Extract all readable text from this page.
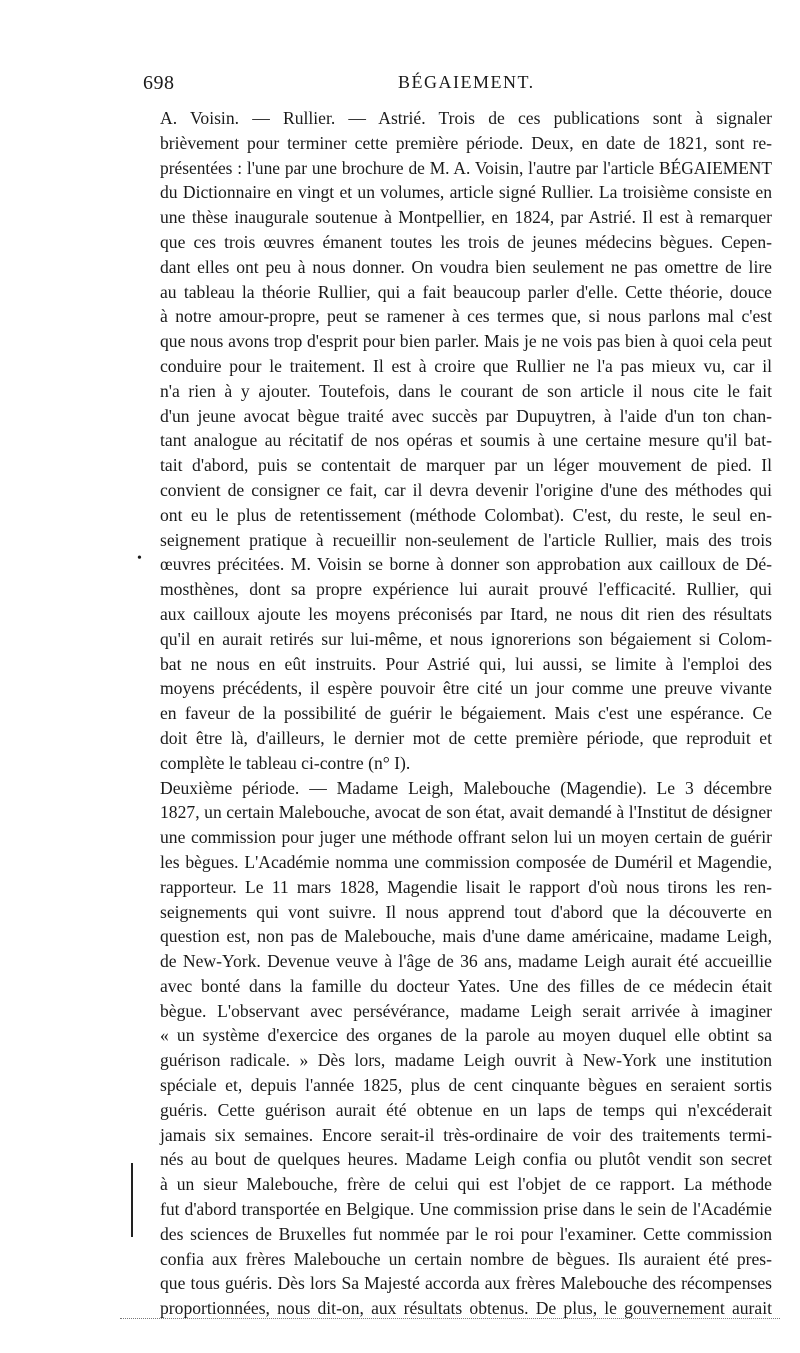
698	BÉGAIEMENT.
•
A. Voisin. — Rullier. — Astrié. Trois de ces publications sont à signaler
brièvement pour terminer cette première période. Deux, en date de 1821, sont re-
présentées : l'une par une brochure de M. A. Voisin, l'autre par l'article BÉGAIEMENT
du Dictionnaire en vingt et un volumes, article signé Rullier. La troisième consiste en
une thèse inaugurale soutenue à Montpellier, en 1824, par Astrié. Il est à remarquer
que ces trois œuvres émanent toutes les trois de jeunes médecins bègues. Cepen-
dant elles ont peu à nous donner. On voudra bien seulement ne pas omettre de lire
au tableau la théorie Rullier, qui a fait beaucoup parler d'elle. Cette théorie, douce
à notre amour-propre, peut se ramener à ces termes que, si nous parlons mal c'est
que nous avons trop d'esprit pour bien parler. Mais je ne vois pas bien à quoi cela peut
conduire pour le traitement. Il est à croire que Rullier ne l'a pas mieux vu, car il
n'a rien à y ajouter. Toutefois, dans le courant de son article il nous cite le fait
d'un jeune avocat bègue traité avec succès par Dupuytren, à l'aide d'un ton chan-
tant analogue au récitatif de nos opéras et soumis à une certaine mesure qu'il bat-
tait d'abord, puis se contentait de marquer par un léger mouvement de pied. Il
convient de consigner ce fait, car il devra devenir l'origine d'une des méthodes qui
ont eu le plus de retentissement (méthode Colombat). C'est, du reste, le seul en-
seignement pratique à recueillir non-seulement de l'article Rullier, mais des trois
œuvres précitées. M. Voisin se borne à donner son approbation aux cailloux de Dé-
mosthènes, dont sa propre expérience lui aurait prouvé l'efficacité. Rullier, qui
aux cailloux ajoute les moyens préconisés par Itard, ne nous dit rien des résultats
qu'il en aurait retirés sur lui-même, et nous ignorerions son bégaiement si Colom-
bat ne nous en eût instruits. Pour Astrié qui, lui aussi, se limite à l'emploi des
moyens précédents, il espère pouvoir être cité un jour comme une preuve vivante
en faveur de la possibilité de guérir le bégaiement. Mais c'est une espérance. Ce
doit être là, d'ailleurs, le dernier mot de cette première période, que reproduit et
complète le tableau ci-contre (n° I).
Deuxième période. — Madame Leigh, Malebouche (Magendie). Le 3 décembre
1827, un certain Malebouche, avocat de son état, avait demandé à l'Institut de désigner
une commission pour juger une méthode offrant selon lui un moyen certain de guérir
les bègues. L'Académie nomma une commission composée de Duméril et Magendie,
rapporteur. Le 11 mars 1828, Magendie lisait le rapport d'où nous tirons les ren-
seignements qui vont suivre. Il nous apprend tout d'abord que la découverte en
question est, non pas de Malebouche, mais d'une dame américaine, madame Leigh,
de New-York. Devenue veuve à l'âge de 36 ans, madame Leigh aurait été accueillie
avec bonté dans la famille du docteur Yates. Une des filles de ce médecin était
bègue. L'observant avec persévérance, madame Leigh serait arrivée à imaginer
« un système d'exercice des organes de la parole au moyen duquel elle obtint sa
guérison radicale. » Dès lors, madame Leigh ouvrit à New-York une institution
spéciale et, depuis l'année 1825, plus de cent cinquante bègues en seraient sortis
guéris. Cette guérison aurait été obtenue en un laps de temps qui n'excéderait
jamais six semaines. Encore serait-il très-ordinaire de voir des traitements termi-
nés au bout de quelques heures. Madame Leigh confia ou plutôt vendit son secret
à un sieur Malebouche, frère de celui qui est l'objet de ce rapport. La méthode
fut d'abord transportée en Belgique. Une commission prise dans le sein de l'Académie
des sciences de Bruxelles fut nommée par le roi pour l'examiner. Cette commission
confia aux frères Malebouche un certain nombre de bègues. Ils auraient été pres-
que tous guéris. Dès lors Sa Majesté accorda aux frères Malebouche des récompenses
proportionnées, nous dit-on, aux résultats obtenus. De plus, le gouvernement aurait
